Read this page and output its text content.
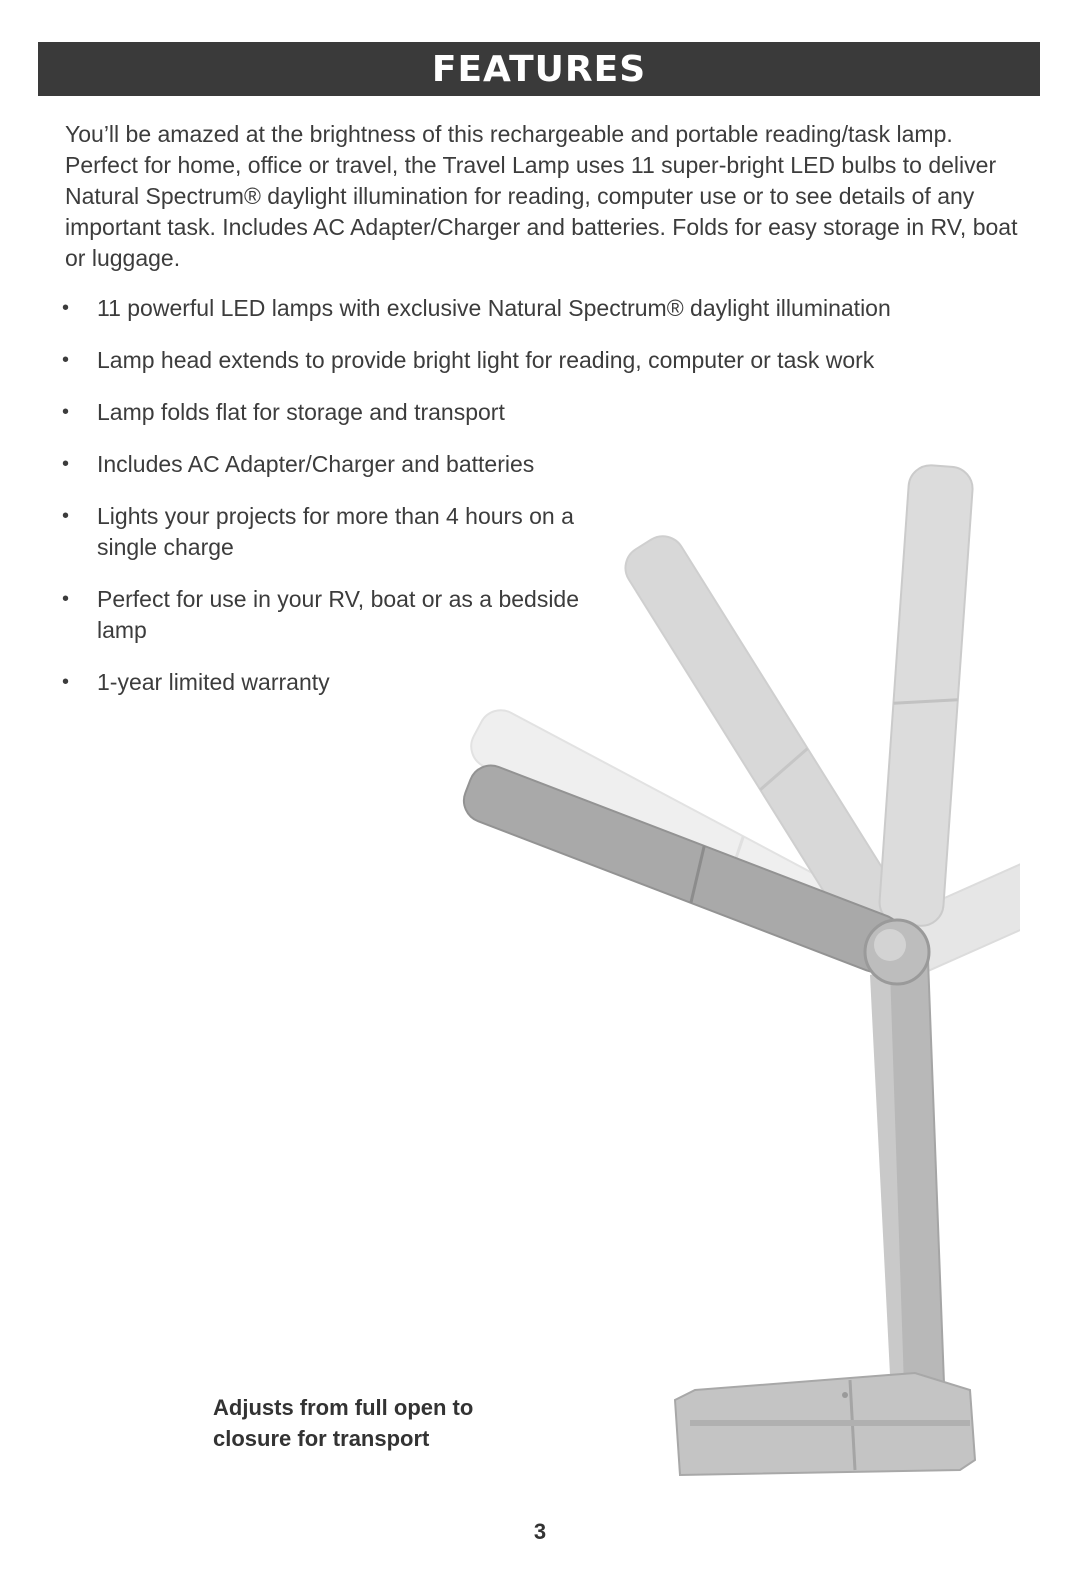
FEATURES

You’ll be amazed at the brightness of this rechargeable and portable reading/task lamp. Perfect for home, office or travel, the Travel Lamp uses 11 super-bright LED bulbs to deliver Natural Spectrum® daylight illumination for reading, computer use or to see details of any important task. Includes AC Adapter/Charger and batteries. Folds for easy storage in RV, boat or luggage.

• 11 powerful LED lamps with exclusive Natural Spectrum® daylight illumination
• Lamp head extends to provide bright light for reading, computer or task work
• Lamp folds flat for storage and transport
• Includes AC Adapter/Charger and batteries
• Lights your projects for more than 4 hours on a single charge
• Perfect for use in your RV, boat or as a bedside lamp
• 1-year limited warranty
Adjusts from full open to closure for transport
3
